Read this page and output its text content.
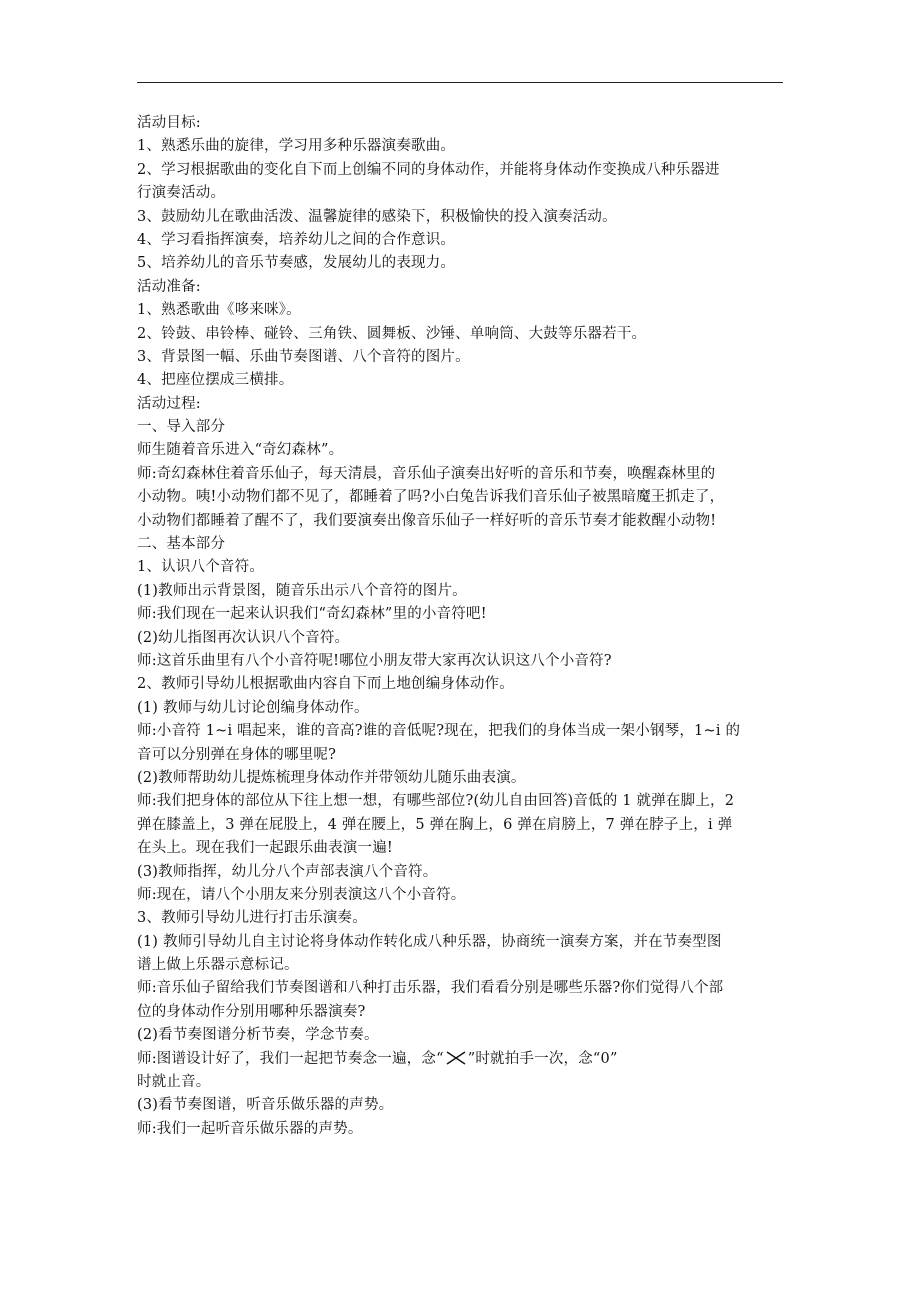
活动目标:
1、熟悉乐曲的旋律，学习用多种乐器演奏歌曲。
2、学习根据歌曲的变化自下而上创编不同的身体动作，并能将身体动作变换成八种乐器进
行演奏活动。
3、鼓励幼儿在歌曲活泼、温馨旋律的感染下，积极愉快的投入演奏活动。
4、学习看指挥演奏，培养幼儿之间的合作意识。
5、培养幼儿的音乐节奏感，发展幼儿的表现力。
活动准备:
1、熟悉歌曲《哆来咪》。
2、铃鼓、串铃棒、碰铃、三角铁、圆舞板、沙锤、单响筒、大鼓等乐器若干。
3、背景图一幅、乐曲节奏图谱、八个音符的图片。
4、把座位摆成三横排。
活动过程:
一、导入部分
师生随着音乐进入“奇幻森林”。
师:奇幻森林住着音乐仙子，每天清晨，音乐仙子演奏出好听的音乐和节奏，唤醒森林里的
小动物。咦!小动物们都不见了，都睡着了吗?小白兔告诉我们音乐仙子被黑暗魔王抓走了，
小动物们都睡着了醒不了，我们要演奏出像音乐仙子一样好听的音乐节奏才能救醒小动物!
二、基本部分
1、认识八个音符。
(1)教师出示背景图，随音乐出示八个音符的图片。
师:我们现在一起来认识我们“奇幻森林”里的小音符吧!
(2)幼儿指图再次认识八个音符。
师:这首乐曲里有八个小音符呢!哪位小朋友带大家再次认识这八个小音符?
2、教师引导幼儿根据歌曲内容自下而上地创编身体动作。
(1) 教师与幼儿讨论创编身体动作。
师:小音符 1~i 唱起来，谁的音高?谁的音低呢?现在，把我们的身体当成一架小钢琴，1~i 的
音可以分别弹在身体的哪里呢?
(2)教师帮助幼儿提炼梳理身体动作并带领幼儿随乐曲表演。
师:我们把身体的部位从下往上想一想，有哪些部位?(幼儿自由回答)音低的 1 就弹在脚上，2
弹在膝盖上，3 弹在屁股上，4 弹在腰上，5 弹在胸上，6 弹在肩膀上，7 弹在脖子上，i 弹
在头上。现在我们一起跟乐曲表演一遍!
(3)教师指挥，幼儿分八个声部表演八个音符。
师:现在，请八个小朋友来分别表演这八个小音符。
3、教师引导幼儿进行打击乐演奏。
(1) 教师引导幼儿自主讨论将身体动作转化成八种乐器，协商统一演奏方案，并在节奏型图
谱上做上乐器示意标记。
师:音乐仙子留给我们节奏图谱和八种打击乐器，我们看看分别是哪些乐器?你们觉得八个部
位的身体动作分别用哪种乐器演奏?
(2)看节奏图谱分析节奏，学念节奏。
师:图谱设计好了，我们一起把节奏念一遍，念“ ”时就拍手一次，念“0”
时就止音。
(3)看节奏图谱，听音乐做乐器的声势。
师:我们一起听音乐做乐器的声势。
